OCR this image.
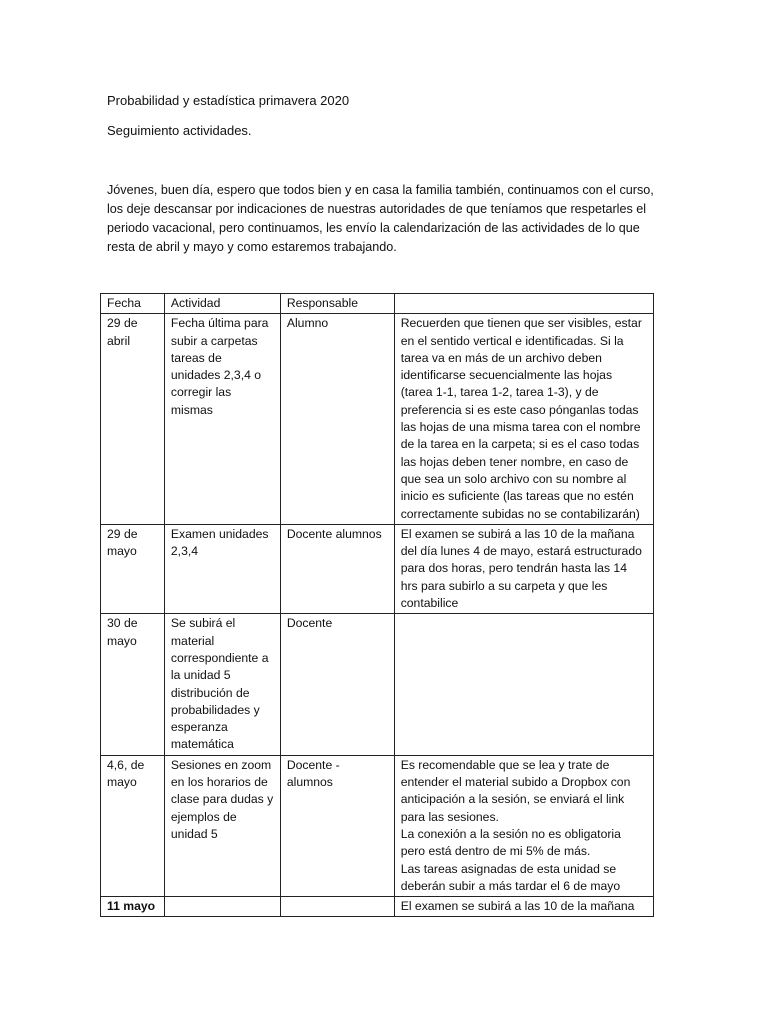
Probabilidad y estadística primavera 2020
Seguimiento actividades.
Jóvenes, buen día, espero que todos bien y en casa la familia también, continuamos con el curso, los deje descansar por indicaciones de nuestras autoridades de que teníamos que respetarles el periodo vacacional, pero continuamos, les envío la calendarización de las actividades de lo que resta de abril y mayo y como estaremos trabajando.
Fecha	Actividad	Responsable	
29 de abril	Fecha última para subir a carpetas tareas de unidades 2,3,4 o corregir las mismas	Alumno	Recuerden que tienen que ser visibles, estar en el sentido vertical e identificadas. Si la tarea va en más de un archivo deben identificarse secuencialmente las hojas (tarea 1-1, tarea 1-2, tarea 1-3), y de preferencia si es este caso pónganlas todas las hojas de una misma tarea con el nombre de la tarea en la carpeta; si es el caso todas las hojas deben tener nombre, en caso de que sea un solo archivo con su nombre al inicio es suficiente (las tareas que no estén correctamente subidas no se contabilizarán)
29 de mayo	Examen unidades 2,3,4	Docente alumnos	El examen se subirá a las 10 de la mañana del día lunes 4 de mayo, estará estructurado para dos horas, pero tendrán hasta las 14 hrs para subirlo a su carpeta y que les contabilice
30 de mayo	Se subirá el material correspondiente a la unidad 5 distribución de probabilidades y esperanza matemática	Docente	
4,6, de mayo	Sesiones en zoom en los horarios de clase para dudas y ejemplos de unidad 5	Docente - alumnos	Es recomendable que se lea y trate de entender el material subido a Dropbox con anticipación a la sesión, se enviará el link para las sesiones.
La conexión a la sesión no es obligatoria pero está dentro de mi 5% de más.
Las tareas asignadas de esta unidad se deberán subir a más tardar el 6 de mayo

11 mayo			El examen se subirá a las 10 de la mañana
